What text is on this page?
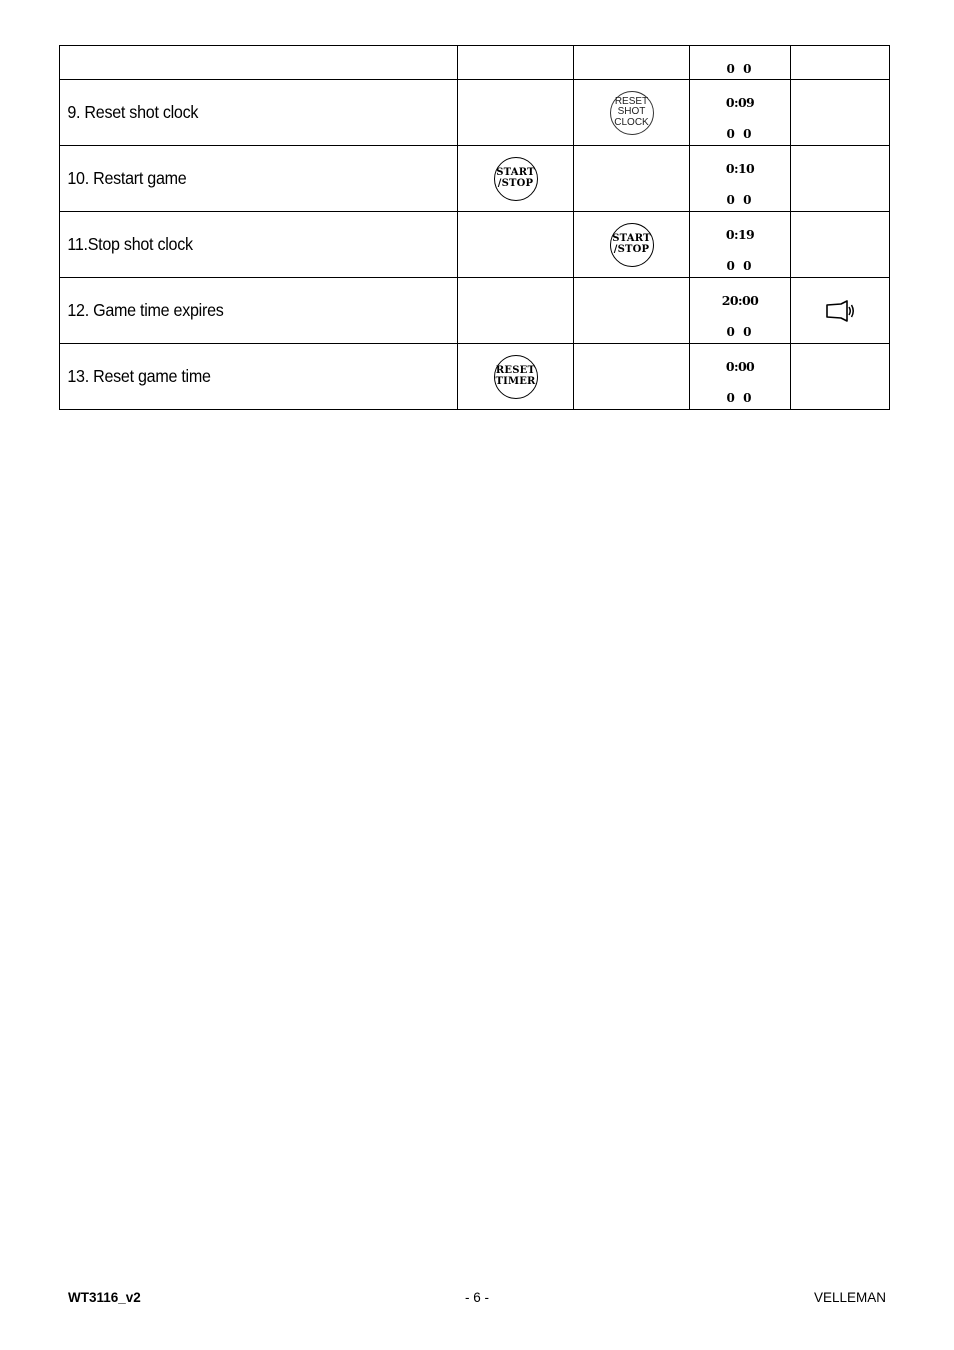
			0 0	

9. Reset shot clock		RESET
SHOT
CLOCK	0:09
0 0	

10. Restart game	START
/STOP		0:10
0 0	

11.Stop shot clock		START
/STOP	0:19
0 0	

12. Game time expires			20:00
0 0

13. Reset game time	RESET
TIMER		0:00
0 0	

WT3116_v2	- 6 -	VELLEMAN
